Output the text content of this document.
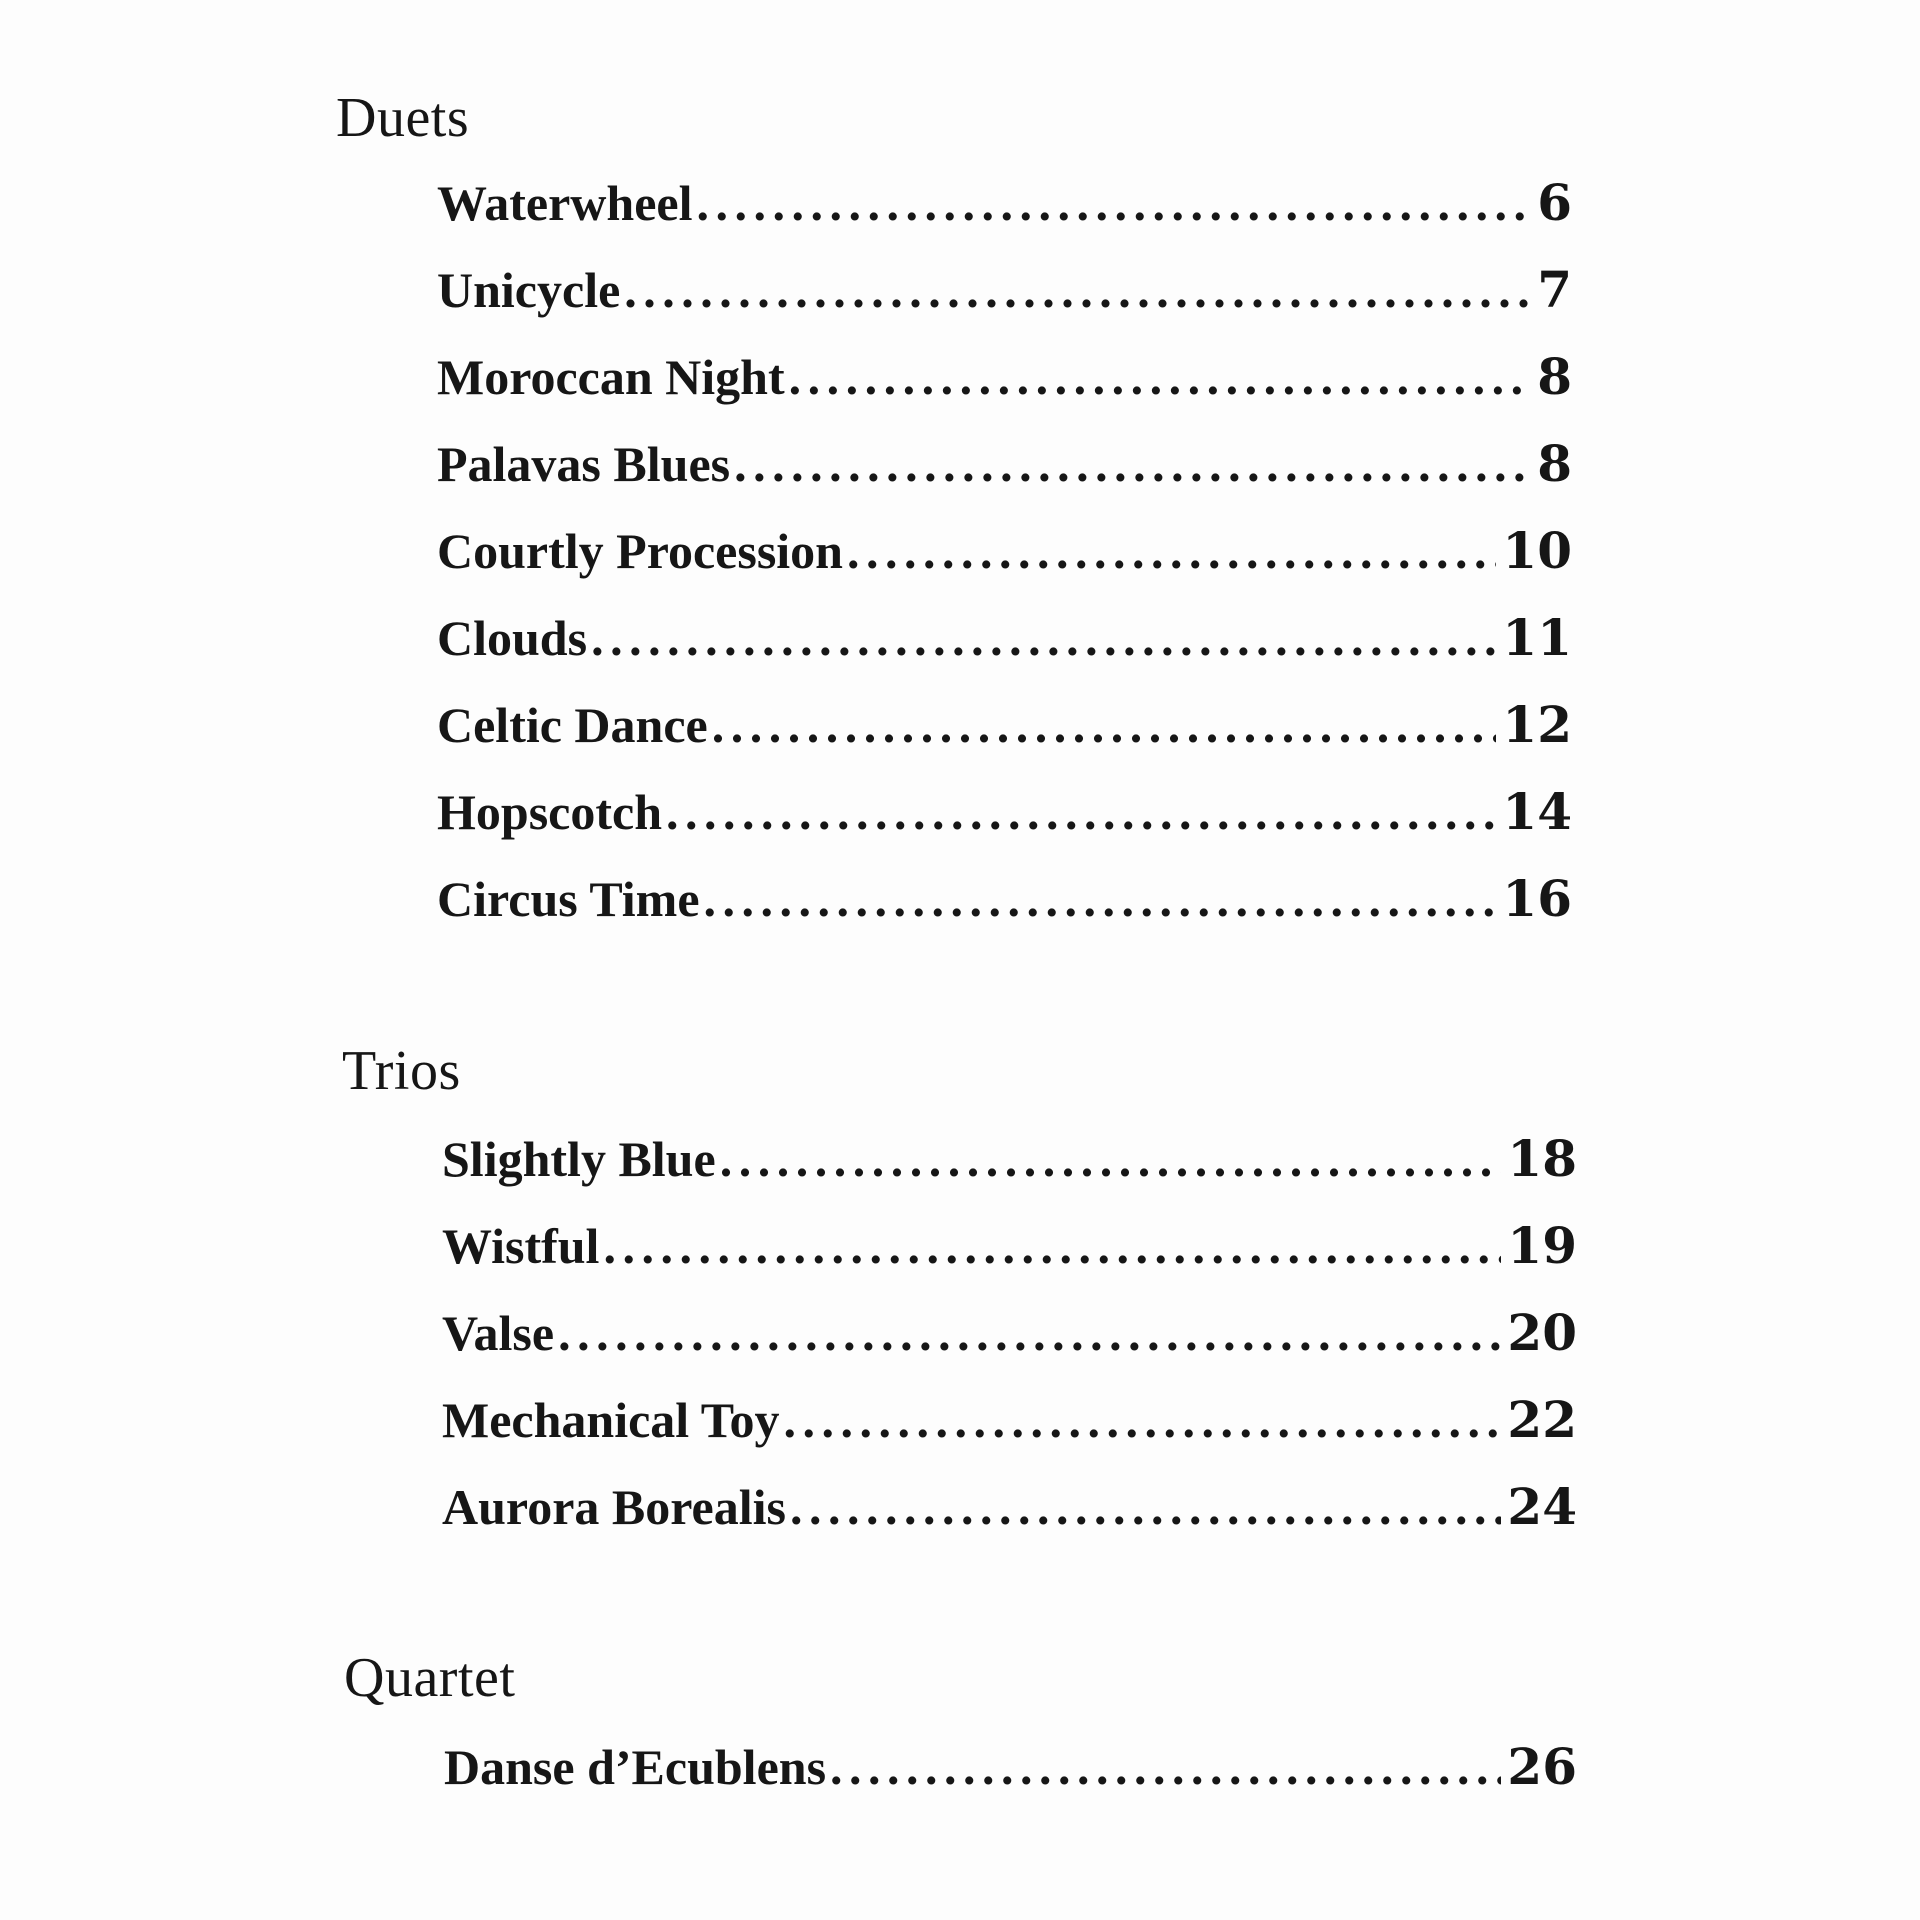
Duets
Waterwheel . . .	6
Unicycle . . .	7
Moroccan Night . . .	8
Palavas Blues . . .	8
Courtly Procession . . .	10
Clouds . . .	11
Celtic Dance . . .	12
Hopscotch . . .	14
Circus Time . . .	16
Trios
Slightly Blue . . .	18
Wistful . . .	19
Valse . . .	20
Mechanical Toy . . .	22
Aurora Borealis . . .	24
Quartet
Danse d’Ecublens . . .	26
